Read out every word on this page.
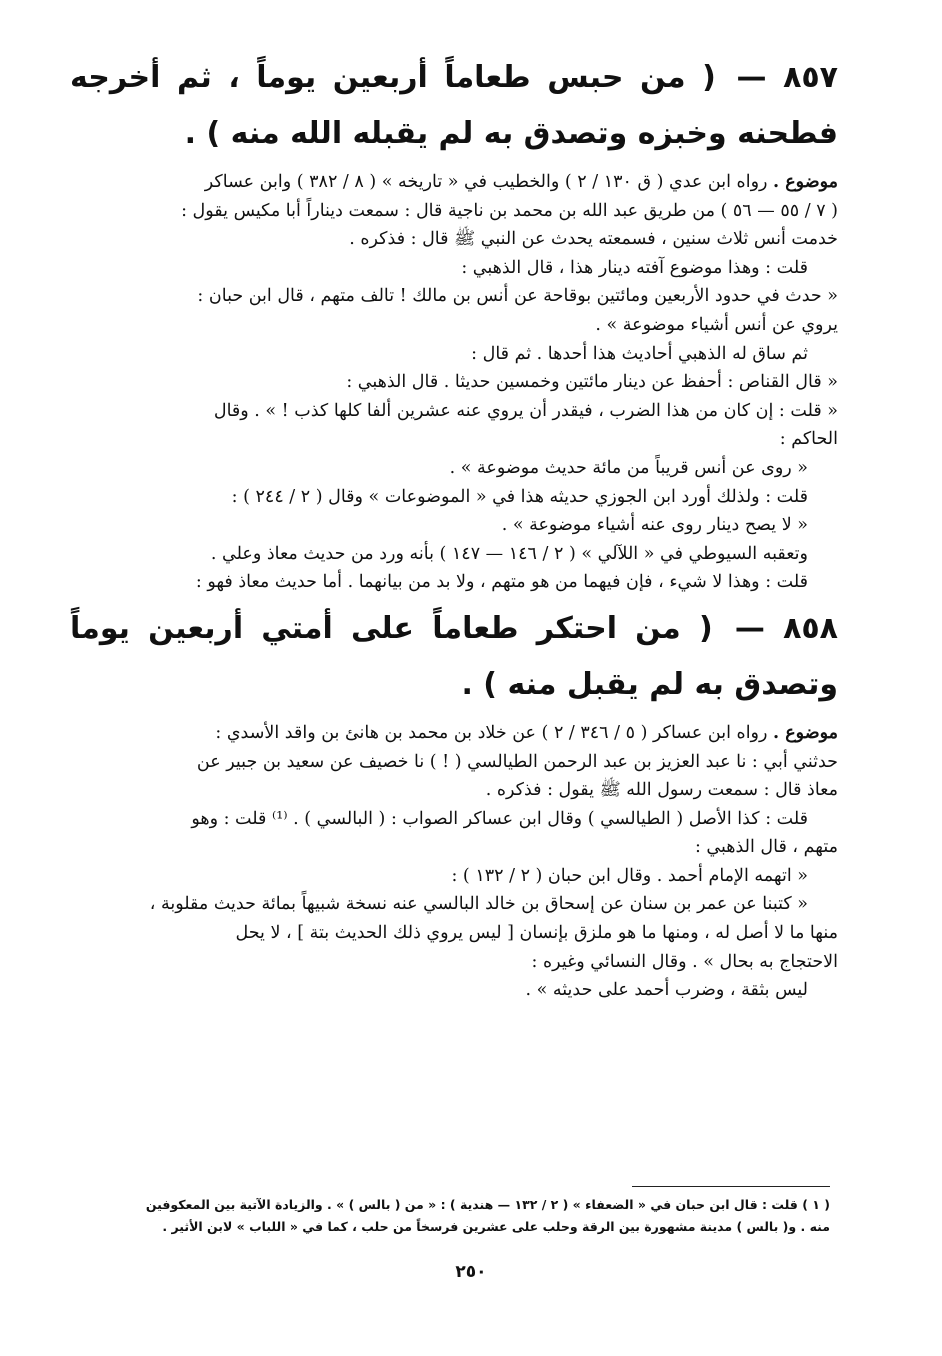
٨٥٧ — ( من حبس طعاماً أربعين يوماً ، ثم أخرجه فطحنه وخبزه وتصدق به لم يقبله الله منه ) .
موضوع . رواه ابن عدي ( ق ١٣٠ / ٢ ) والخطيب في « تاريخه » ( ٨ / ٣٨٢ ) وابن عساكر
( ٧ / ٥٥ — ٥٦ ) من طريق عبد الله بن محمد بن ناجية قال : سمعت ديناراً أبا مكيس يقول :
خدمت أنس ثلاث سنين ، فسمعته يحدث عن النبي ﷺ قال : فذكره .
قلت : وهذا موضوع آفته دينار هذا ، قال الذهبي :
« حدث في حدود الأربعين ومائتين بوقاحة عن أنس بن مالك ! تالف متهم ، قال ابن حبان :
يروي عن أنس أشياء موضوعة » .
ثم ساق له الذهبي أحاديث هذا أحدها . ثم قال :
« قال القناص : أحفظ عن دينار مائتين وخمسين حديثا . قال الذهبي :
« قلت : إن كان من هذا الضرب ، فيقدر أن يروي عنه عشرين ألفا كلها كذب ! » . وقال
الحاكم :
« روى عن أنس قريباً من مائة حديث موضوعة » .
قلت : ولذلك أورد ابن الجوزي حديثه هذا في « الموضوعات » وقال ( ٢ / ٢٤٤ ) :
« لا يصح دينار روى عنه أشياء موضوعة » .
وتعقبه السيوطي في « اللآلي » ( ٢ / ١٤٦ — ١٤٧ ) بأنه ورد من حديث معاذ وعلي .
قلت : وهذا لا شيء ، فإن فيهما من هو متهم ، ولا بد من بيانهما . أما حديث معاذ فهو :
٨٥٨ — ( من احتكر طعاماً على أمتي أربعين يوماً وتصدق به لم يقبل منه ) .
موضوع . رواه ابن عساكر ( ٥ / ٣٤٦ / ٢ ) عن خلاد بن محمد بن هانئ بن واقد الأسدي :
حدثني أبي : نا عبد العزيز بن عبد الرحمن الطيالسي ( ! ) نا خصيف عن سعيد بن جبير عن
معاذ قال : سمعت رسول الله ﷺ يقول : فذكره .
قلت : كذا الأصل ( الطيالسي ) وقال ابن عساكر الصواب : ( البالسي ) . ⁽¹⁾ قلت : وهو
متهم ، قال الذهبي :
« اتهمه الإمام أحمد . وقال ابن حبان ( ٢ / ١٣٢ ) :
« كتبنا عن عمر بن سنان عن إسحاق بن خالد البالسي عنه نسخة شبيهاً بمائة حديث مقلوبة ،
منها ما لا أصل له ، ومنها ما هو ملزق بإنسان [ ليس يروي ذلك الحديث بتة ] ، لا يحل
الاحتجاج به بحال » . وقال النسائي وغيره :
ليس بثقة ، وضرب أحمد على حديثه » .
( ١ ) قلت : قال ابن حبان في « الضعفاء » ( ٢ / ١٣٢ — هندية ) : « من ( بالس ) » . والزيادة الآتية بين المعكوفين
منه . و( بالس ) مدينة مشهورة بين الرقة وحلب على عشرين فرسخاً من حلب ، كما في « اللباب » لابن الأثير .
٢٥٠
